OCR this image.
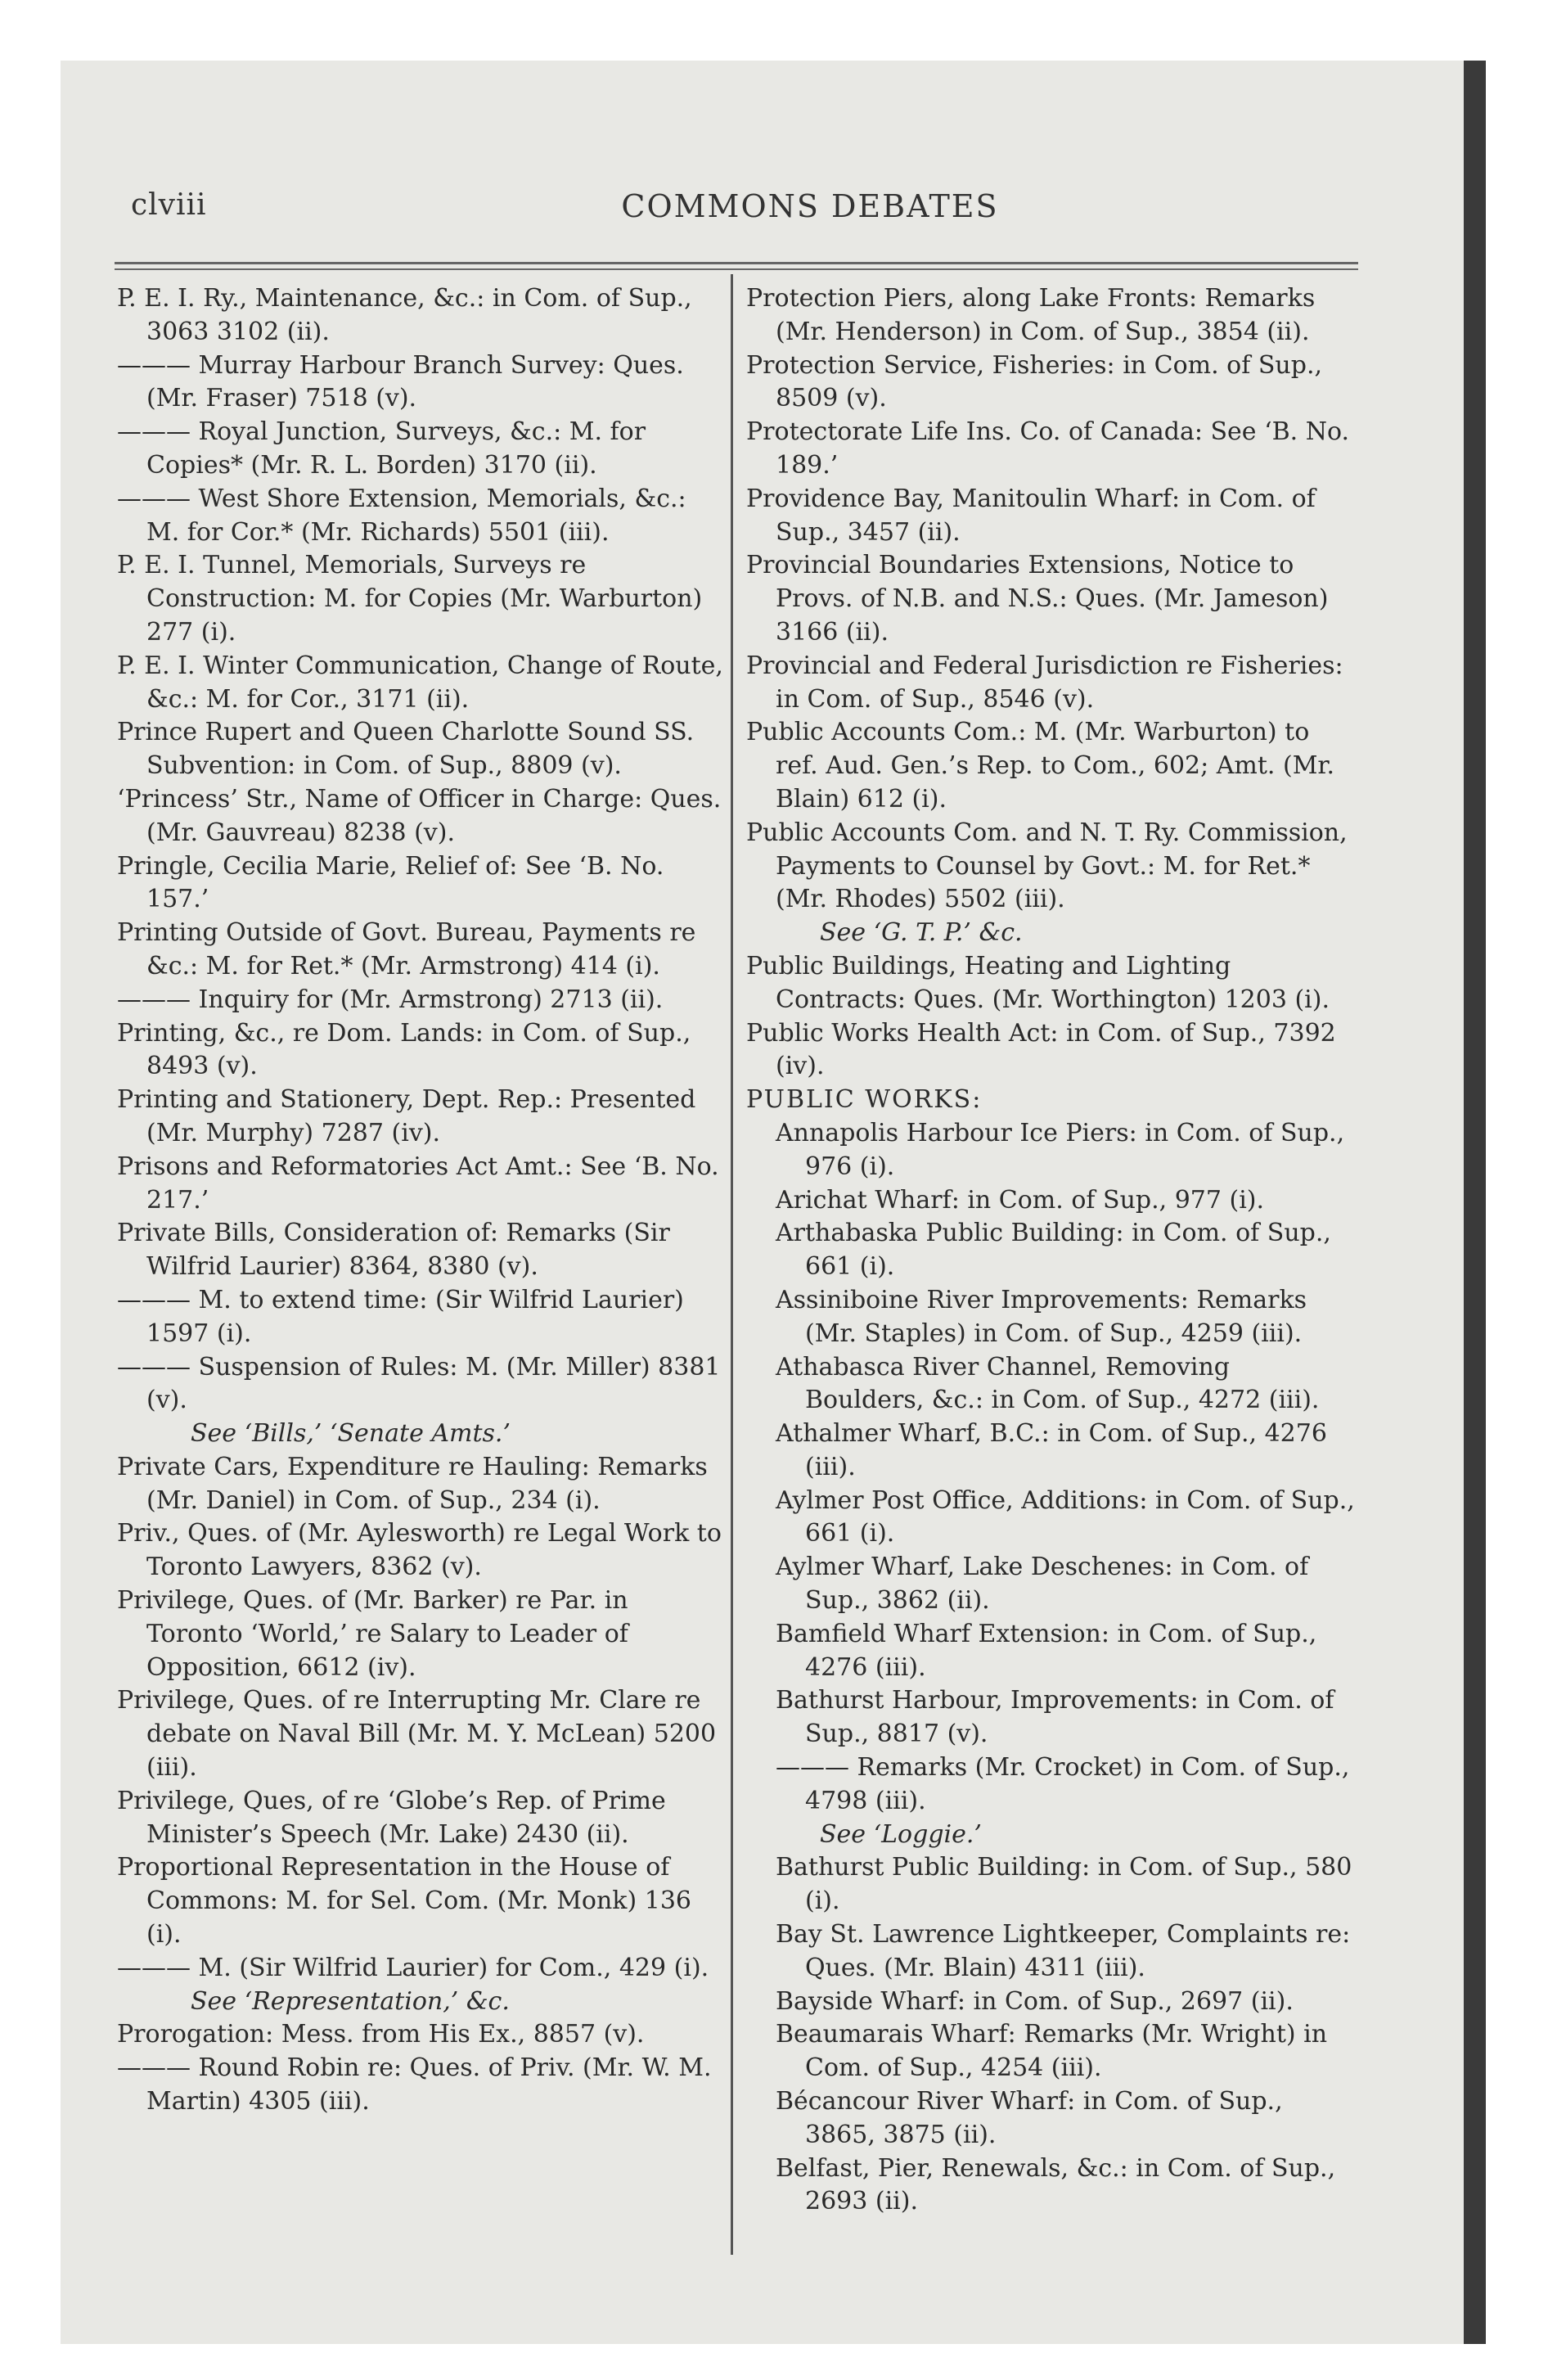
clviii	COMMONS DEBATES
P. E. I. Ry., Maintenance, &c.: in Com. of Sup., 3063 3102 (ii).
——— Murray Harbour Branch Survey: Ques. (Mr. Fraser) 7518 (v).
——— Royal Junction, Surveys, &c.: M. for Copies* (Mr. R. L. Borden) 3170 (ii).
——— West Shore Extension, Memorials, &c.: M. for Cor.* (Mr. Richards) 5501 (iii).
P. E. I. Tunnel, Memorials, Surveys re Construction: M. for Copies (Mr. Warburton) 277 (i).
P. E. I. Winter Communication, Change of Route, &c.: M. for Cor., 3171 (ii).
Prince Rupert and Queen Charlotte Sound SS. Subvention: in Com. of Sup., 8809 (v).
‘Princess’ Str., Name of Officer in Charge: Ques. (Mr. Gauvreau) 8238 (v).
Pringle, Cecilia Marie, Relief of: See ‘B. No. 157.’
Printing Outside of Govt. Bureau, Payments re &c.: M. for Ret.* (Mr. Armstrong) 414 (i).
——— Inquiry for (Mr. Armstrong) 2713 (ii).
Printing, &c., re Dom. Lands: in Com. of Sup., 8493 (v).
Printing and Stationery, Dept. Rep.: Presented (Mr. Murphy) 7287 (iv).
Prisons and Reformatories Act Amt.: See ‘B. No. 217.’
Private Bills, Consideration of: Remarks (Sir Wilfrid Laurier) 8364, 8380 (v).
——— M. to extend time: (Sir Wilfrid Laurier) 1597 (i).
——— Suspension of Rules: M. (Mr. Miller) 8381 (v).
See ‘Bills,’ ‘Senate Amts.’
Private Cars, Expenditure re Hauling: Remarks (Mr. Daniel) in Com. of Sup., 234 (i).
Priv., Ques. of (Mr. Aylesworth) re Legal Work to Toronto Lawyers, 8362 (v).
Privilege, Ques. of (Mr. Barker) re Par. in Toronto ‘World,’ re Salary to Leader of Opposition, 6612 (iv).
Privilege, Ques. of re Interrupting Mr. Clare re debate on Naval Bill (Mr. M. Y. McLean) 5200 (iii).
Privilege, Ques, of re ‘Globe’s Rep. of Prime Minister’s Speech (Mr. Lake) 2430 (ii).
Proportional Representation in the House of Commons: M. for Sel. Com. (Mr. Monk) 136 (i).
——— M. (Sir Wilfrid Laurier) for Com., 429 (i).
See ‘Representation,’ &c.
Prorogation: Mess. from His Ex., 8857 (v).
——— Round Robin re: Ques. of Priv. (Mr. W. M. Martin) 4305 (iii).
Protection Piers, along Lake Fronts: Remarks (Mr. Henderson) in Com. of Sup., 3854 (ii).
Protection Service, Fisheries: in Com. of Sup., 8509 (v).
Protectorate Life Ins. Co. of Canada: See ‘B. No. 189.’
Providence Bay, Manitoulin Wharf: in Com. of Sup., 3457 (ii).
Provincial Boundaries Extensions, Notice to Provs. of N.B. and N.S.: Ques. (Mr. Jameson) 3166 (ii).
Provincial and Federal Jurisdiction re Fisheries: in Com. of Sup., 8546 (v).
Public Accounts Com.: M. (Mr. Warburton) to ref. Aud. Gen.’s Rep. to Com., 602; Amt. (Mr. Blain) 612 (i).
Public Accounts Com. and N. T. Ry. Commission, Payments to Counsel by Govt.: M. for Ret.* (Mr. Rhodes) 5502 (iii).
See ‘G. T. P.’ &c.
Public Buildings, Heating and Lighting Contracts: Ques. (Mr. Worthington) 1203 (i).
Public Works Health Act: in Com. of Sup., 7392 (iv).
PUBLIC WORKS:
Annapolis Harbour Ice Piers: in Com. of Sup., 976 (i).
Arichat Wharf: in Com. of Sup., 977 (i).
Arthabaska Public Building: in Com. of Sup., 661 (i).
Assiniboine River Improvements: Remarks (Mr. Staples) in Com. of Sup., 4259 (iii).
Athabasca River Channel, Removing Boulders, &c.: in Com. of Sup., 4272 (iii).
Athalmer Wharf, B.C.: in Com. of Sup., 4276 (iii).
Aylmer Post Office, Additions: in Com. of Sup., 661 (i).
Aylmer Wharf, Lake Deschenes: in Com. of Sup., 3862 (ii).
Bamfield Wharf Extension: in Com. of Sup., 4276 (iii).
Bathurst Harbour, Improvements: in Com. of Sup., 8817 (v).
——— Remarks (Mr. Crocket) in Com. of Sup., 4798 (iii).
See ‘Loggie.’
Bathurst Public Building: in Com. of Sup., 580 (i).
Bay St. Lawrence Lightkeeper, Complaints re: Ques. (Mr. Blain) 4311 (iii).
Bayside Wharf: in Com. of Sup., 2697 (ii).
Beaumarais Wharf: Remarks (Mr. Wright) in Com. of Sup., 4254 (iii).
Bécancour River Wharf: in Com. of Sup., 3865, 3875 (ii).
Belfast, Pier, Renewals, &c.: in Com. of Sup., 2693 (ii).
